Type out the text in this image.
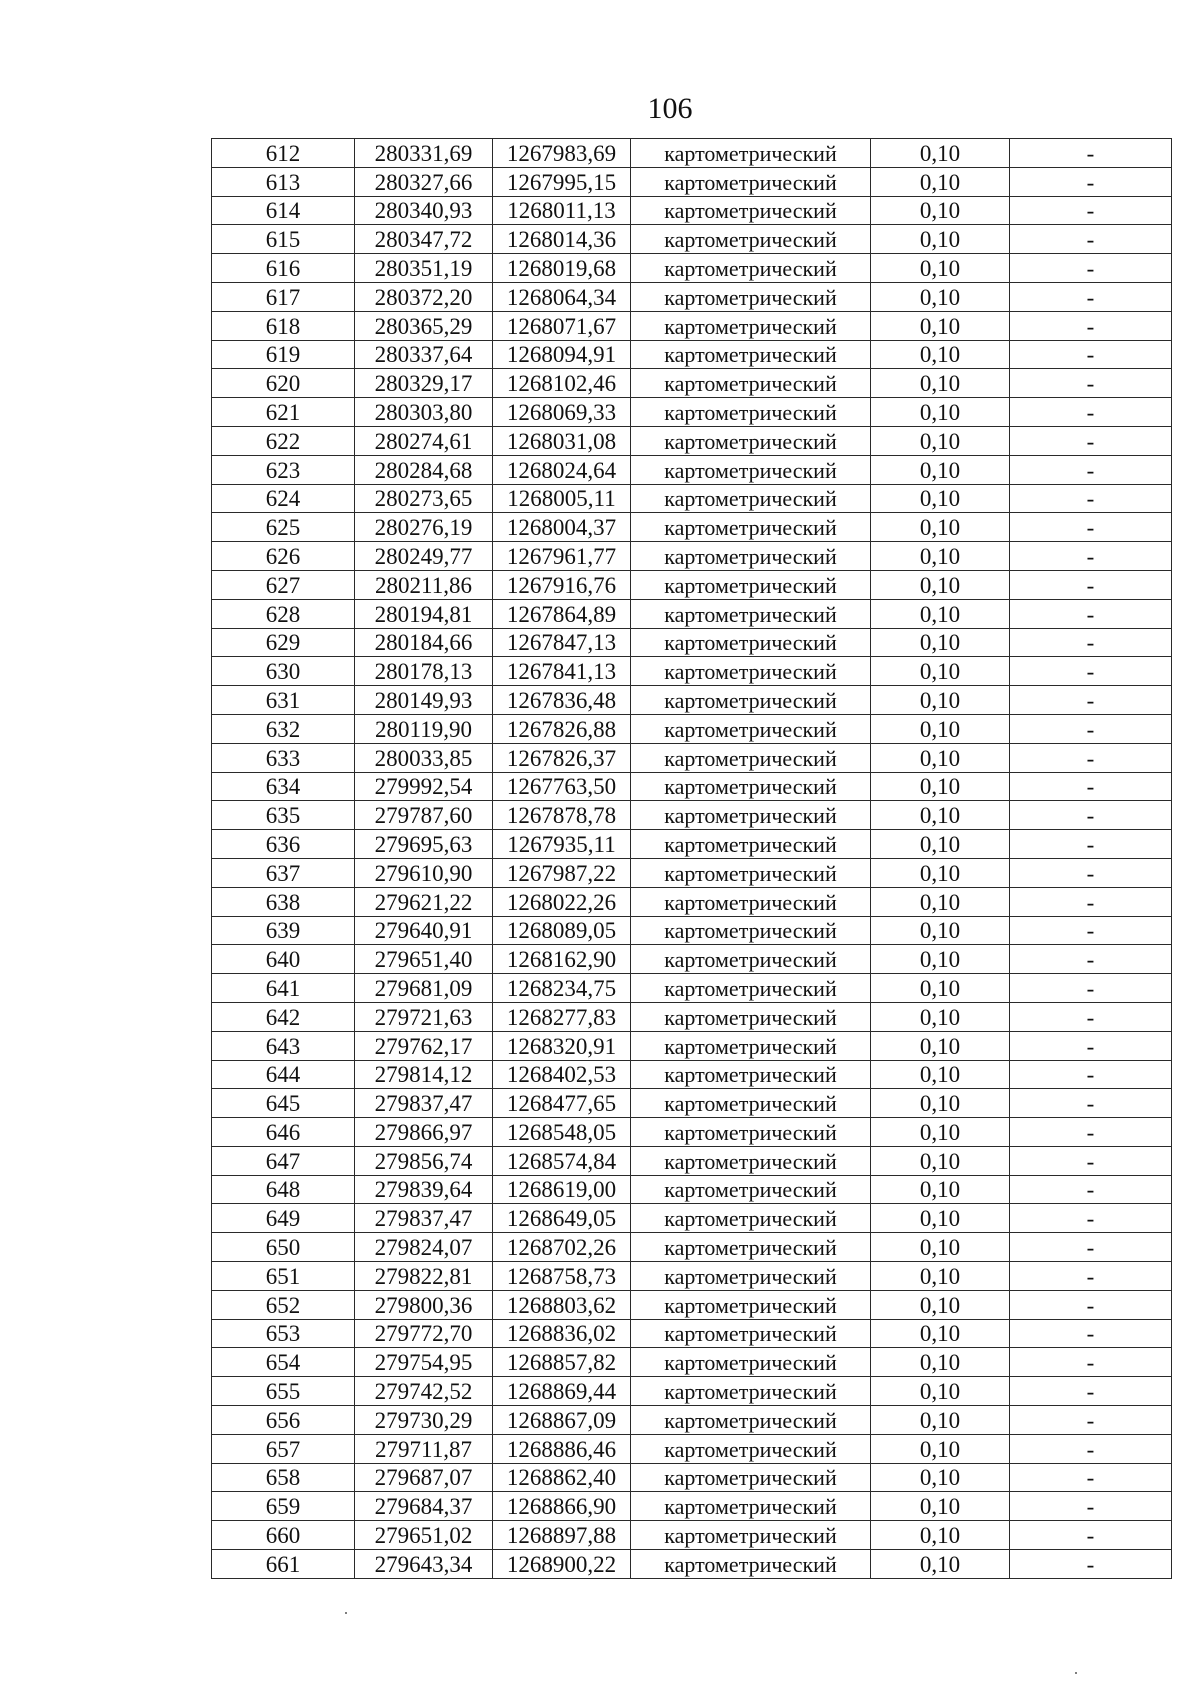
106
612	280331,69	1267983,69	картометрический	0,10	-
613	280327,66	1267995,15	картометрический	0,10	-
614	280340,93	1268011,13	картометрический	0,10	-
615	280347,72	1268014,36	картометрический	0,10	-
616	280351,19	1268019,68	картометрический	0,10	-
617	280372,20	1268064,34	картометрический	0,10	-
618	280365,29	1268071,67	картометрический	0,10	-
619	280337,64	1268094,91	картометрический	0,10	-
620	280329,17	1268102,46	картометрический	0,10	-
621	280303,80	1268069,33	картометрический	0,10	-
622	280274,61	1268031,08	картометрический	0,10	-
623	280284,68	1268024,64	картометрический	0,10	-
624	280273,65	1268005,11	картометрический	0,10	-
625	280276,19	1268004,37	картометрический	0,10	-
626	280249,77	1267961,77	картометрический	0,10	-
627	280211,86	1267916,76	картометрический	0,10	-
628	280194,81	1267864,89	картометрический	0,10	-
629	280184,66	1267847,13	картометрический	0,10	-
630	280178,13	1267841,13	картометрический	0,10	-
631	280149,93	1267836,48	картометрический	0,10	-
632	280119,90	1267826,88	картометрический	0,10	-
633	280033,85	1267826,37	картометрический	0,10	-
634	279992,54	1267763,50	картометрический	0,10	-
635	279787,60	1267878,78	картометрический	0,10	-
636	279695,63	1267935,11	картометрический	0,10	-
637	279610,90	1267987,22	картометрический	0,10	-
638	279621,22	1268022,26	картометрический	0,10	-
639	279640,91	1268089,05	картометрический	0,10	-
640	279651,40	1268162,90	картометрический	0,10	-
641	279681,09	1268234,75	картометрический	0,10	-
642	279721,63	1268277,83	картометрический	0,10	-
643	279762,17	1268320,91	картометрический	0,10	-
644	279814,12	1268402,53	картометрический	0,10	-
645	279837,47	1268477,65	картометрический	0,10	-
646	279866,97	1268548,05	картометрический	0,10	-
647	279856,74	1268574,84	картометрический	0,10	-
648	279839,64	1268619,00	картометрический	0,10	-
649	279837,47	1268649,05	картометрический	0,10	-
650	279824,07	1268702,26	картометрический	0,10	-
651	279822,81	1268758,73	картометрический	0,10	-
652	279800,36	1268803,62	картометрический	0,10	-
653	279772,70	1268836,02	картометрический	0,10	-
654	279754,95	1268857,82	картометрический	0,10	-
655	279742,52	1268869,44	картометрический	0,10	-
656	279730,29	1268867,09	картометрический	0,10	-
657	279711,87	1268886,46	картометрический	0,10	-
658	279687,07	1268862,40	картометрический	0,10	-
659	279684,37	1268866,90	картометрический	0,10	-
660	279651,02	1268897,88	картометрический	0,10	-
661	279643,34	1268900,22	картометрический	0,10	-
